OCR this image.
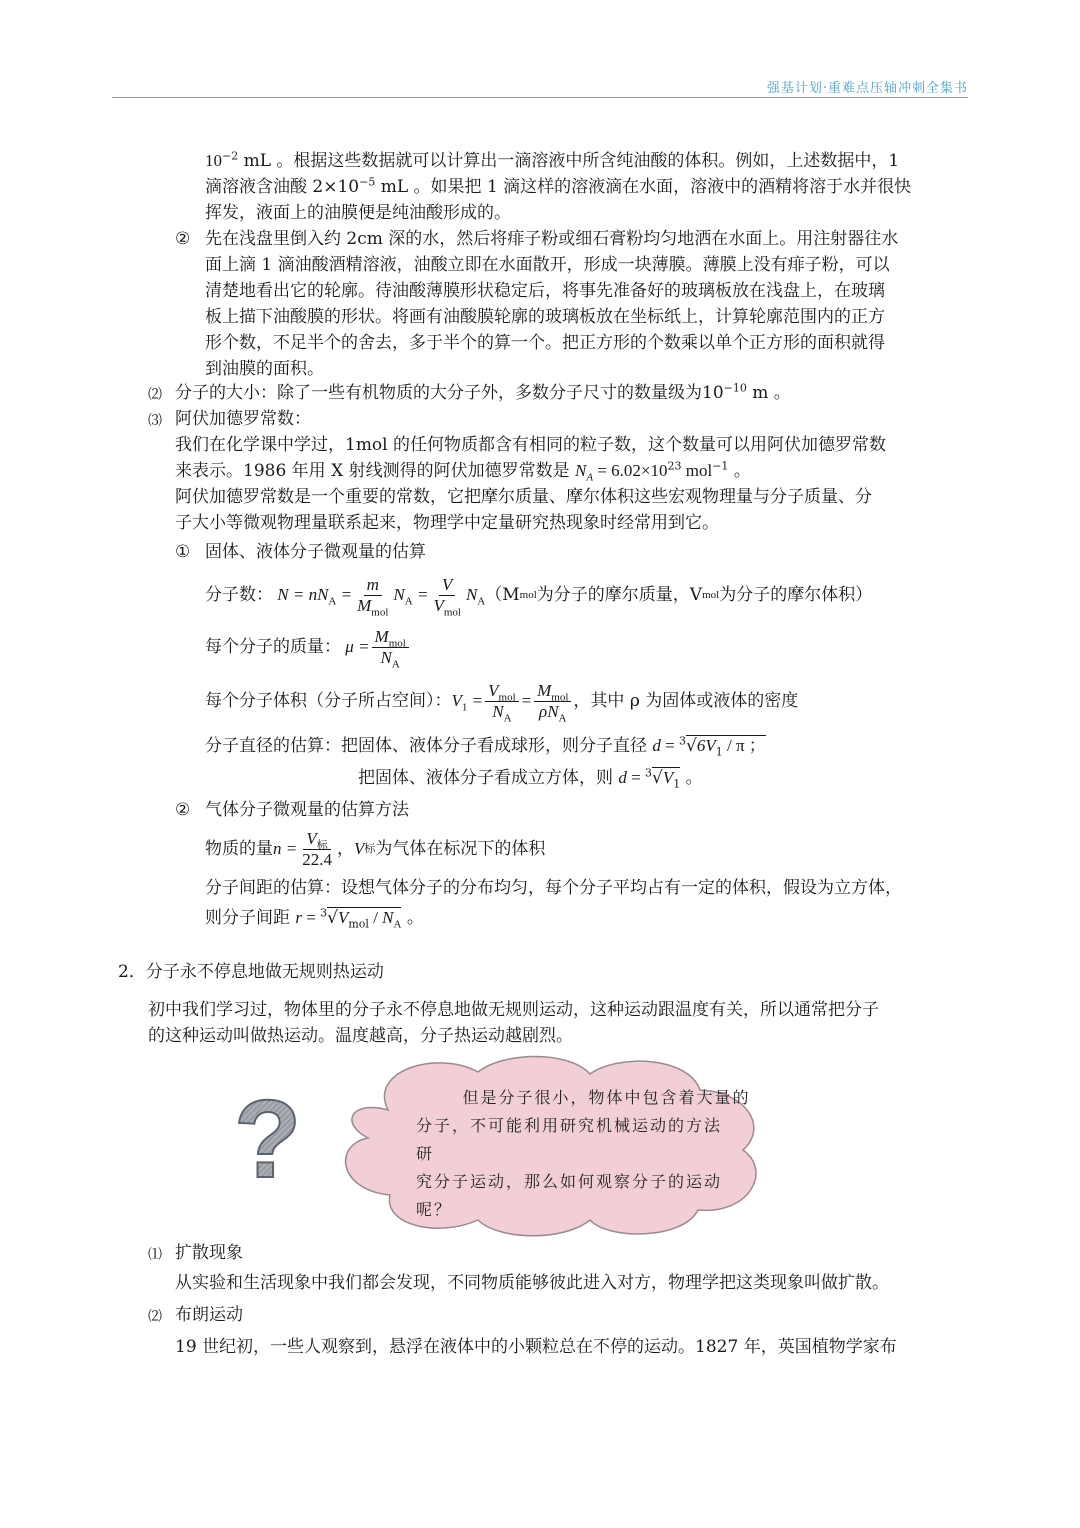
强基计划·重难点压轴冲刺全集书
$10^{-2}$ mL 。根据这些数据就可以计算出一滴溶液中所含纯油酸的体积。例如，上述数据中，1
滴溶液含油酸 $2\times 10^{-5}$ mL 。如果把 1 滴这样的溶液滴在水面，溶液中的酒精将溶于水并很快
挥发，液面上的油膜便是纯油酸形成的。
② 先在浅盘里倒入约 2cm 深的水，然后将痱子粉或细石膏粉均匀地洒在水面上。用注射器往水
面上滴 1 滴油酸酒精溶液，油酸立即在水面散开，形成一块薄膜。薄膜上没有痱子粉，可以
清楚地看出它的轮廓。待油酸薄膜形状稳定后，将事先准备好的玻璃板放在浅盘上，在玻璃
板上描下油酸膜的形状。将画有油酸膜轮廓的玻璃板放在坐标纸上，计算轮廓范围内的正方
形个数，不足半个的舍去，多于半个的算一个。把正方形的个数乘以单个正方形的面积就得
到油膜的面积。
⑵ 分子的大小：除了一些有机物质的大分子外，多数分子尺寸的数量级为$10^{-10}$ m 。
⑶ 阿伏加德罗常数：
我们在化学课中学过，1mol 的任何物质都含有相同的粒子数，这个数量可以用阿伏加德罗常数
来表示。1986 年用 X 射线测得的阿伏加德罗常数是 $N_A = 6.02\times 10^{23}$ mol$^{-1}$ 。
阿伏加德罗常数是一个重要的常数，它把摩尔质量、摩尔体积这些宏观物理量与分子质量、分
子大小等微观物理量联系起来，物理学中定量研究热现象时经常用到它。
① 固体、液体分子微观量的估算
分子数： $N = nN_A = \frac{m}{M_{mol}} N_A = \frac{V}{V_{mol}} N_A$ （M mol 为分子的摩尔质量，V mol 为分子的摩尔体积）
每个分子的质量： $\mu = \frac{M_{mol}}{N_A}$
每个分子体积（分子所占空间）： $V_1 = \frac{V_{mol}}{N_A} = \frac{M_{mol}}{\rho N_A}$ ，其中 ρ 为固体或液体的密度
分子直径的估算：把固体、液体分子看成球形，则分子直径 $d = ^3√6V_1 / \pi$ ；
把固体、液体分子看成立方体，则 $d = ^3√V_1$ 。
② 气体分子微观量的估算方法
物质的量 $n = \frac{V_标}{22.4}$ ， V 标 为气体在标况下的体积
分子间距的估算：设想气体分子的分布均匀，每个分子平均占有一定的体积，假设为立方体，
则分子间距 $r = ^3√V_{mol} / N_A$ 。
2．分子永不停息地做无规则热运动
初中我们学习过，物体里的分子永不停息地做无规则运动，这种运动跟温度有关，所以通常把分子
的这种运动叫做热运动。温度越高，分子热运动越剧烈。
?	但是分子很小，物体中包含着大量的
分子，不可能利用研究机械运动的方法研
究分子运动，那么如何观察分子的运动
呢？
⑴ 扩散现象
从实验和生活现象中我们都会发现，不同物质能够彼此进入对方，物理学把这类现象叫做扩散。
⑵ 布朗运动
19 世纪初，一些人观察到，悬浮在液体中的小颗粒总在不停的运动。1827 年，英国植物学家布
